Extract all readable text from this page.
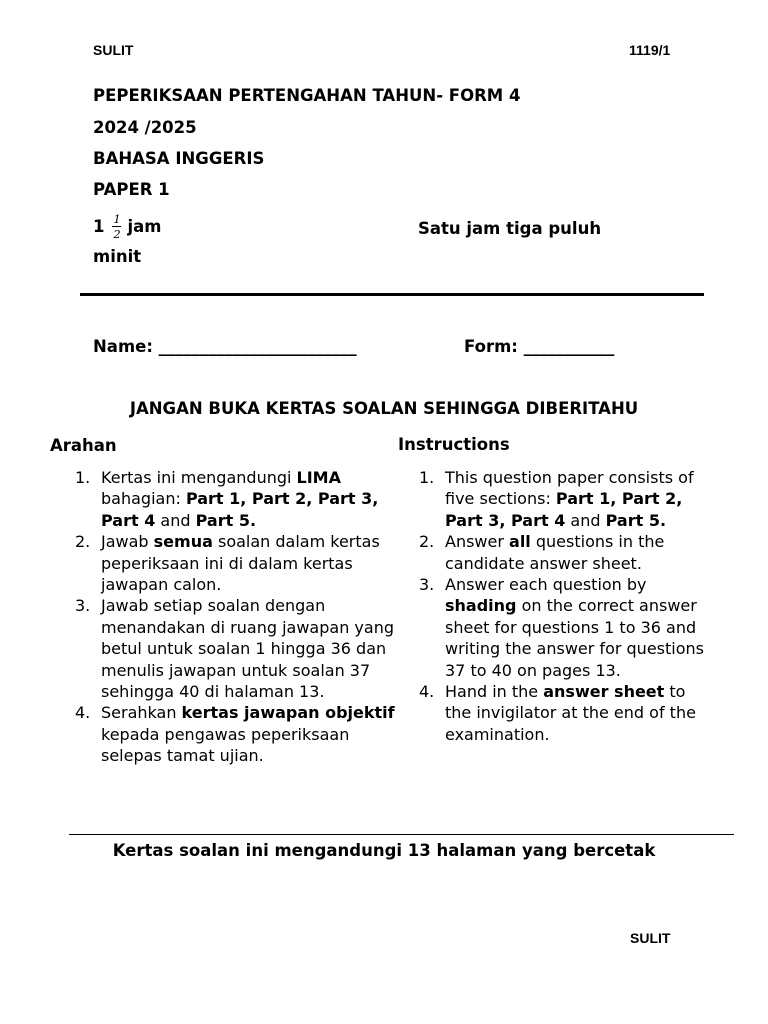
SULIT	1119/1
PEPERIKSAAN PERTENGAHAN TAHUN- FORM 4
2024 /2025
BAHASA INGGERIS
PAPER 1
$1 \frac{1}{2}$ jam	Satu jam tiga puluh
minit
Name: ________________________	Form: ___________
JANGAN BUKA KERTAS SOALAN SEHINGGA DIBERITAHU
Arahan
1. Kertas ini mengandungi LIMA bahagian: Part 1, Part 2, Part 3, Part 4 and Part 5.
2. Jawab semua soalan dalam kertas peperiksaan ini di dalam kertas jawapan calon.
3. Jawab setiap soalan dengan menandakan di ruang jawapan yang betul untuk soalan 1 hingga 36 dan menulis jawapan untuk soalan 37 sehingga 40 di halaman 13.
4. Serahkan kertas jawapan objektif kepada pengawas peperiksaan selepas tamat ujian.
Instructions
1. This question paper consists of five sections: Part 1, Part 2, Part 3, Part 4 and Part 5.
2. Answer all questions in the candidate answer sheet.
3. Answer each question by shading on the correct answer sheet for questions 1 to 36 and writing the answer for questions 37 to 40 on pages 13.
4. Hand in the answer sheet to the invigilator at the end of the examination.
Kertas soalan ini mengandungi 13 halaman yang bercetak
SULIT
